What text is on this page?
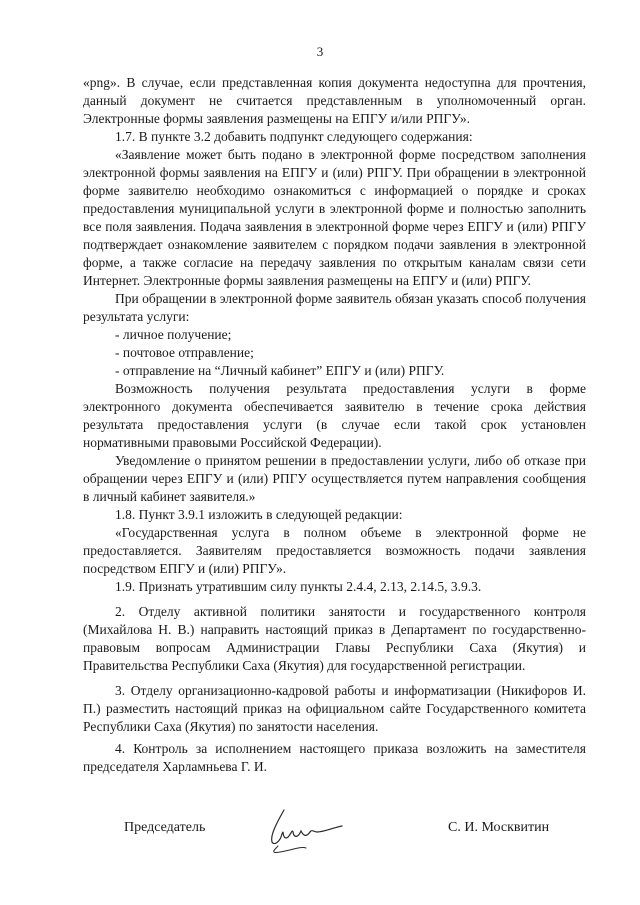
3

«png». В случае, если представленная копия документа недоступна для прочтения, данный документ не считается представленным в уполномоченный орган. Электронные формы заявления размещены на ЕПГУ и/или РПГУ».

1.7. В пункте 3.2 добавить подпункт следующего содержания:

«Заявление может быть подано в электронной форме посредством заполнения электронной формы заявления на ЕПГУ и (или) РПГУ. При обращении в электронной форме заявителю необходимо ознакомиться с информацией о порядке и сроках предоставления муниципальной услуги в электронной форме и полностью заполнить все поля заявления. Подача заявления в электронной форме через ЕПГУ и (или) РПГУ подтверждает ознакомление заявителем с порядком подачи заявления в электронной форме, а также согласие на передачу заявления по открытым каналам связи сети Интернет. Электронные формы заявления размещены на ЕПГУ и (или) РПГУ.

При обращении в электронной форме заявитель обязан указать способ получения результата услуги:

- личное получение;

- почтовое отправление;

- отправление на “Личный кабинет” ЕПГУ и (или) РПГУ.

Возможность получения результата предоставления услуги в форме электронного документа обеспечивается заявителю в течение срока действия результата предоставления услуги (в случае если такой срок установлен нормативными правовыми Российской Федерации).

Уведомление о принятом решении в предоставлении услуги, либо об отказе при обращении через ЕПГУ и (или) РПГУ осуществляется путем направления сообщения в личный кабинет заявителя.»

1.8. Пункт 3.9.1 изложить в следующей редакции:

«Государственная услуга в полном объеме в электронной форме не предоставляется. Заявителям предоставляется возможность подачи заявления посредством ЕПГУ и (или) РПГУ».

1.9. Признать утратившим силу пункты 2.4.4, 2.13, 2.14.5, 3.9.3.

2. Отделу активной политики занятости и государственного контроля (Михайлова Н. В.) направить настоящий приказ в Департамент по государственно-правовым вопросам Администрации Главы Республики Саха (Якутия) и Правительства Республики Саха (Якутия) для государственной регистрации.

3. Отделу организационно-кадровой работы и информатизации (Никифоров И. П.) разместить настоящий приказ на официальном сайте Государственного комитета Республики Саха (Якутия) по занятости населения.

4. Контроль за исполнением настоящего приказа возложить на заместителя председателя Харламньева Г. И.

Председатель	С. И. Москвитин
